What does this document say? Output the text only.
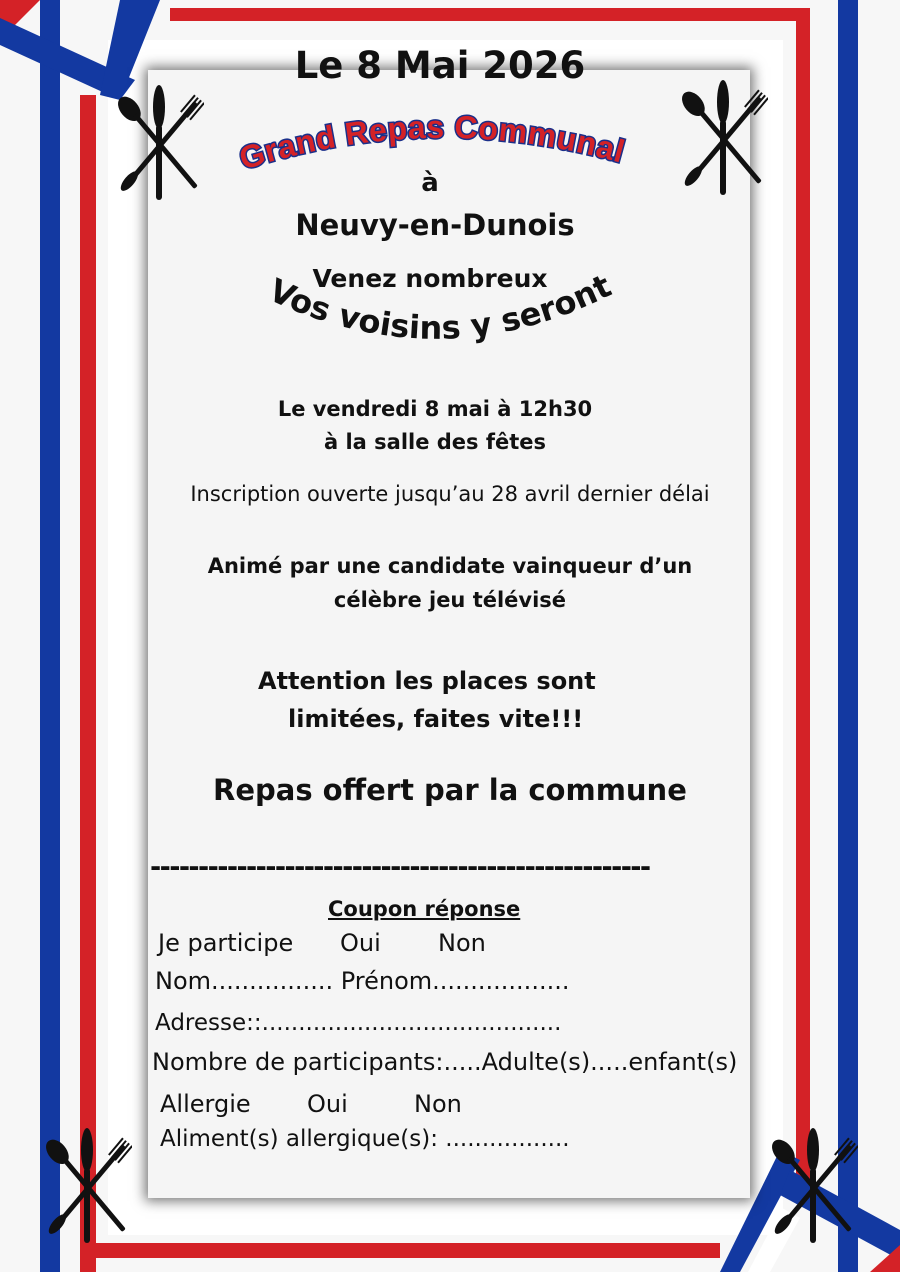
Le 8 Mai 2026
Grand Repas Communal
à
Neuvy-en-Dunois
Venez nombreux
Vos voisins y seront
Le vendredi 8 mai à 12h30
à la salle des fêtes
Inscription ouverte jusqu’au 28 avril dernier délai
Animé par une candidate vainqueur d’un
célèbre jeu télévisé
Attention les places sont
limitées, faites vite!!!
Repas offert par la commune
----------------------------------------------------
Coupon réponse
Je participe Oui Non
Nom................ Prénom..................
Adresse::.........................................
Nombre de participants:.....Adulte(s).....enfant(s)
Allergie Oui	Non
Aliment(s) allergique(s): .................
